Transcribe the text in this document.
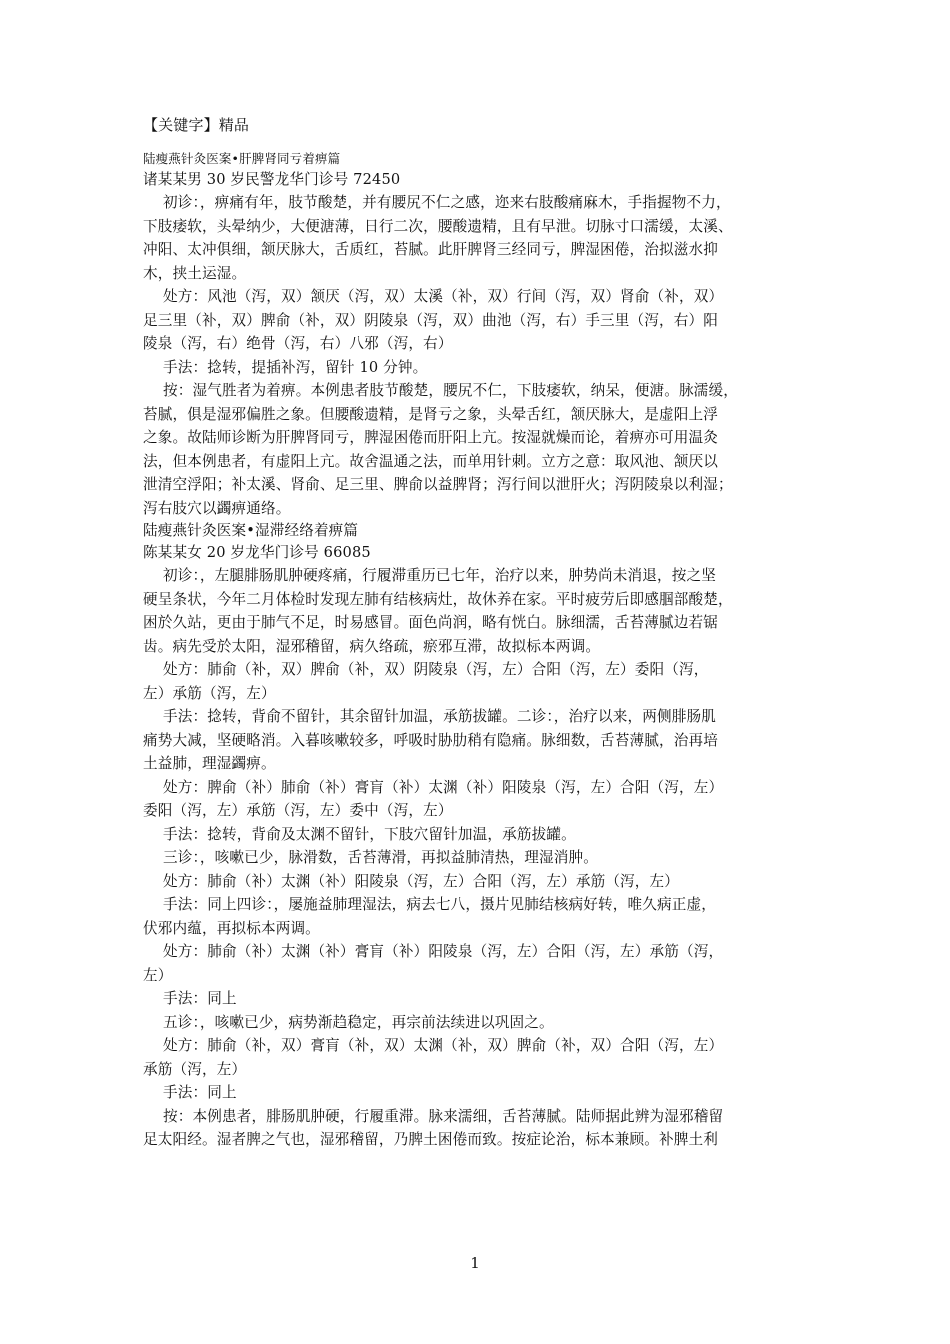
【关键字】精品
陆瘦燕针灸医案•肝脾肾同亏着痹篇
诸某某男 30 岁民警龙华门诊号 72450
初诊：，痹痛有年，肢节酸楚，并有腰尻不仁之感，迩来右肢酸痛麻木，手指握物不力，
下肢痿软，头晕纳少，大便溏薄，日行二次，腰酸遗精，且有早泄。切脉寸口濡缓，太溪、
冲阳、太冲俱细，颔厌脉大，舌质红，苔腻。此肝脾肾三经同亏，脾湿困倦，治拟滋水抑
木，挟土运湿。
处方：风池（泻，双）颔厌（泻，双）太溪（补，双）行间（泻，双）肾俞（补，双）
足三里（补，双）脾俞（补，双）阴陵泉（泻，双）曲池（泻，右）手三里（泻，右）阳
陵泉（泻，右）绝骨（泻，右）八邪（泻，右）
手法：捻转，提插补泻，留针 10 分钟。
按：湿气胜者为着痹。本例患者肢节酸楚，腰尻不仁，下肢痿软，纳呆，便溏。脉濡缓，
苔腻，俱是湿邪偏胜之象。但腰酸遗精，是肾亏之象，头晕舌红，颔厌脉大，是虚阳上浮
之象。故陆师诊断为肝脾肾同亏，脾湿困倦而肝阳上亢。按湿就燥而论，着痹亦可用温灸
法，但本例患者，有虚阳上亢。故舍温通之法，而单用针刺。立方之意：取风池、颔厌以
泄清空浮阳；补太溪、肾俞、足三里、脾俞以益脾肾；泻行间以泄肝火；泻阴陵泉以利湿；
泻右肢穴以蠲痹通络。
陆瘦燕针灸医案•湿滞经络着痹篇
陈某某女 20 岁龙华门诊号 66085
初诊：，左腿腓肠肌肿硬疼痛，行履滞重历已七年，治疗以来，肿势尚未消退，按之坚
硬呈条状，今年二月体检时发现左肺有结核病灶，故休养在家。平时疲劳后即感腘部酸楚，
困於久站，更由于肺气不足，时易感冒。面色尚润，略有恍白。脉细濡，舌苔薄腻边若锯
齿。病先受於太阳，湿邪稽留，病久络疏，瘀邪互滞，故拟标本两调。
处方：肺俞（补，双）脾俞（补，双）阴陵泉（泻，左）合阳（泻，左）委阳（泻，
左）承筋（泻，左）
手法：捻转，背俞不留针，其余留针加温，承筋拔罐。二诊：，治疗以来，两侧腓肠肌
痛势大减，坚硬略消。入暮咳嗽较多，呼吸时胁肋稍有隐痛。脉细数，舌苔薄腻，治再培
土益肺，理湿蠲痹。
处方：脾俞（补）肺俞（补）膏肓（补）太渊（补）阳陵泉（泻，左）合阳（泻，左）
委阳（泻，左）承筋（泻，左）委中（泻，左）
手法：捻转，背俞及太渊不留针，下肢穴留针加温，承筋拔罐。
三诊：，咳嗽已少，脉滑数，舌苔薄滑，再拟益肺清热，理湿消肿。
处方：肺俞（补）太渊（补）阳陵泉（泻，左）合阳（泻，左）承筋（泻，左）
手法：同上四诊：，屡施益肺理湿法，病去七八，摄片见肺结核病好转，唯久病正虚，
伏邪内蕴，再拟标本两调。
处方：肺俞（补）太渊（补）膏肓（补）阳陵泉（泻，左）合阳（泻，左）承筋（泻，
左）
手法：同上
五诊：，咳嗽已少，病势渐趋稳定，再宗前法续进以巩固之。
处方：肺俞（补，双）膏肓（补，双）太渊（补，双）脾俞（补，双）合阳（泻，左）
承筋（泻，左）
手法：同上
按：本例患者，腓肠肌肿硬，行履重滞。脉来濡细，舌苔薄腻。陆师据此辨为湿邪稽留
足太阳经。湿者脾之气也，湿邪稽留，乃脾土困倦而致。按症论治，标本兼顾。补脾土利
1
